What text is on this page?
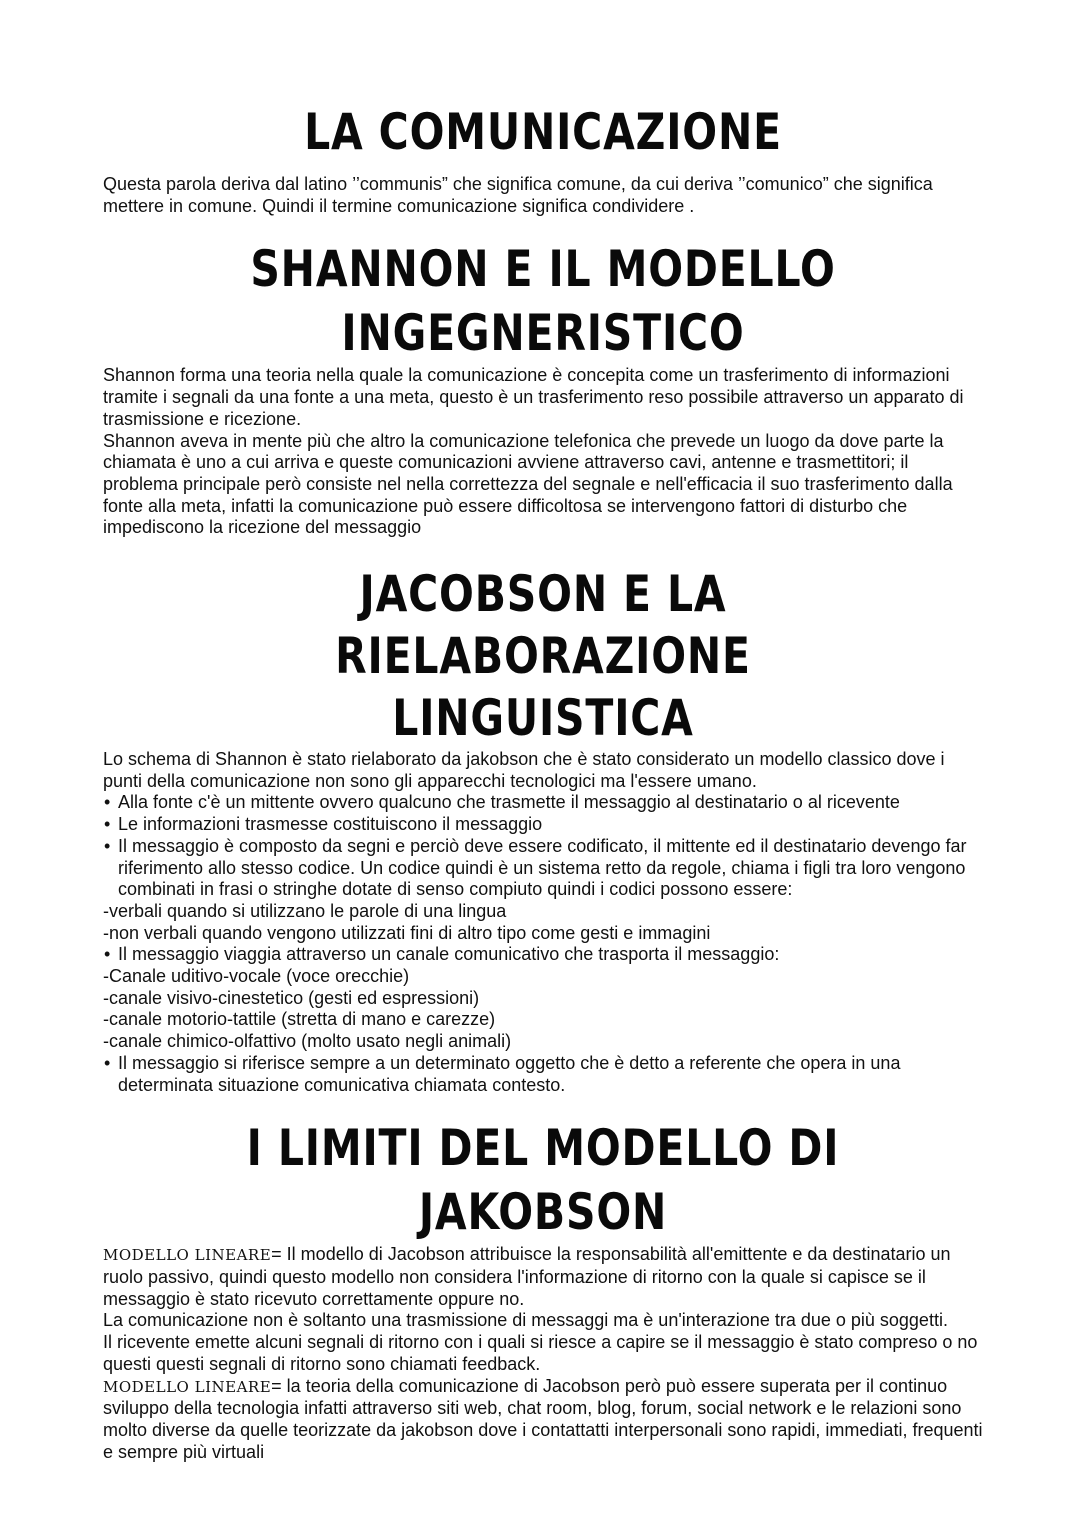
LA COMUNICAZIONE

Questa parola deriva dal latino ’’communis” che significa comune, da cui deriva ’’comunico” che significa mettere in comune. Quindi il termine comunicazione significa condividere .

SHANNON E IL MODELLO INGEGNERISTICO

Shannon forma una teoria nella quale la comunicazione è concepita come un trasferimento di informazioni tramite i segnali da una fonte a una meta, questo è un trasferimento reso possibile attraverso un apparato di trasmissione e ricezione.

Shannon aveva in mente più che altro la comunicazione telefonica che prevede un luogo da dove parte la chiamata è uno a cui arriva e queste comunicazioni avviene attraverso cavi, antenne e trasmettitori; il problema principale però consiste nel nella correttezza del segnale e nell'efficacia il suo trasferimento dalla fonte alla meta, infatti la comunicazione può essere difficoltosa se intervengono fattori di disturbo che impediscono la ricezione del messaggio

JACOBSON E LA RIELABORAZIONE
LINGUISTICA

Lo schema di Shannon è stato rielaborato da jakobson che è stato considerato un modello classico dove i punti della comunicazione non sono gli apparecchi tecnologici ma l'essere umano.

• Alla fonte c'è un mittente ovvero qualcuno che trasmette il messaggio al destinatario o al ricevente
• Le informazioni trasmesse costituiscono il messaggio
• Il messaggio è composto da segni e perciò deve essere codificato, il mittente ed il destinatario devengo far riferimento allo stesso codice. Un codice quindi è un sistema retto da regole, chiama i figli tra loro vengono combinati in frasi o stringhe dotate di senso compiuto quindi i codici possono essere:
-verbali quando si utilizzano le parole di una lingua
-non verbali quando vengono utilizzati fini di altro tipo come gesti e immagini
• Il messaggio viaggia attraverso un canale comunicativo che trasporta il messaggio:
-Canale uditivo-vocale (voce orecchie)
-canale visivo-cinestetico (gesti ed espressioni)
-canale motorio-tattile (stretta di mano e carezze)
-canale chimico-olfattivo (molto usato negli animali)
• Il messaggio si riferisce sempre a un determinato oggetto che è detto a referente che opera in una determinata situazione comunicativa chiamata contesto.
I LIMITI DEL MODELLO DI JAKOBSON

MODELLO LINEARE= Il modello di Jacobson attribuisce la responsabilità all'emittente e da destinatario un ruolo passivo, quindi questo modello non considera l'informazione di ritorno con la quale si capisce se il messaggio è stato ricevuto correttamente oppure no.

La comunicazione non è soltanto una trasmissione di messaggi ma è un'interazione tra due o più soggetti.

Il ricevente emette alcuni segnali di ritorno con i quali si riesce a capire se il messaggio è stato compreso o no questi questi segnali di ritorno sono chiamati feedback.

MODELLO LINEARE= la teoria della comunicazione di Jacobson però può essere superata per il continuo sviluppo della tecnologia infatti attraverso siti web, chat room, blog, forum, social network e le relazioni sono molto diverse da quelle teorizzate da jakobson dove i contattatti interpersonali sono rapidi, immediati, frequenti e sempre più virtuali
